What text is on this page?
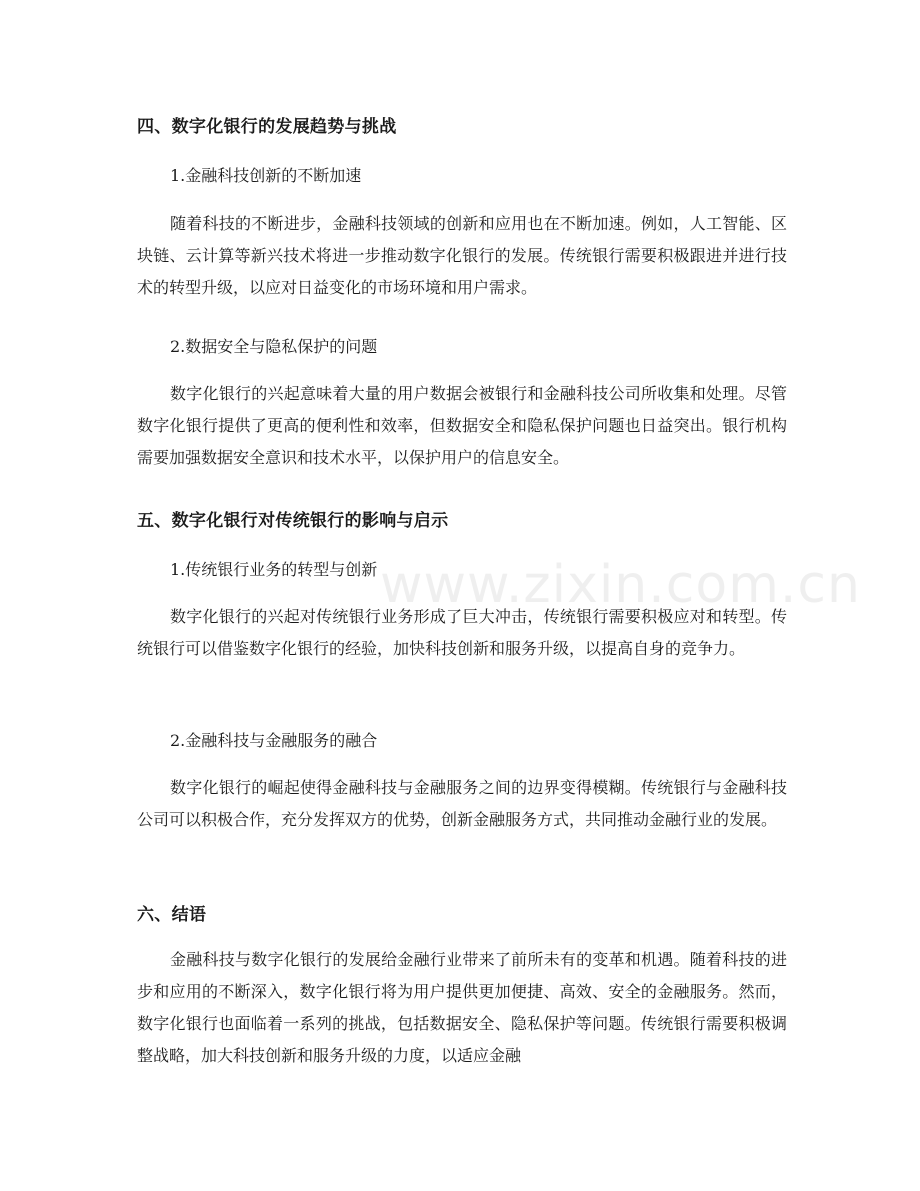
www.zixin.com.cn
四、数字化银行的发展趋势与挑战
1.金融科技创新的不断加速
随着科技的不断进步，金融科技领域的创新和应用也在不断加速。例如，人工智能、区块链、云计算等新兴技术将进一步推动数字化银行的发展。传统银行需要积极跟进并进行技术的转型升级，以应对日益变化的市场环境和用户需求。
2.数据安全与隐私保护的问题
数字化银行的兴起意味着大量的用户数据会被银行和金融科技公司所收集和处理。尽管数字化银行提供了更高的便利性和效率，但数据安全和隐私保护问题也日益突出。银行机构需要加强数据安全意识和技术水平，以保护用户的信息安全。
五、数字化银行对传统银行的影响与启示
1.传统银行业务的转型与创新
数字化银行的兴起对传统银行业务形成了巨大冲击，传统银行需要积极应对和转型。传统银行可以借鉴数字化银行的经验，加快科技创新和服务升级，以提高自身的竞争力。
2.金融科技与金融服务的融合
数字化银行的崛起使得金融科技与金融服务之间的边界变得模糊。传统银行与金融科技公司可以积极合作，充分发挥双方的优势，创新金融服务方式，共同推动金融行业的发展。
六、结语
金融科技与数字化银行的发展给金融行业带来了前所未有的变革和机遇。随着科技的进步和应用的不断深入，数字化银行将为用户提供更加便捷、高效、安全的金融服务。然而，数字化银行也面临着一系列的挑战，包括数据安全、隐私保护等问题。传统银行需要积极调整战略，加大科技创新和服务升级的力度，以适应金融
